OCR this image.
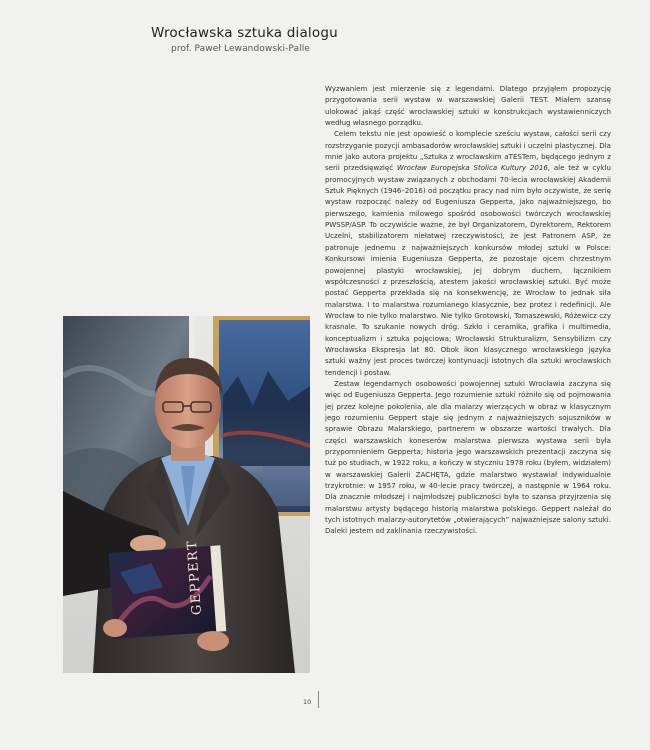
Wrocławska sztuka dialogu
prof. Paweł Lewandowski-Palle

Wyzwaniem jest mierzenie się z legendami. Dlatego przyjąłem propozycję przygotowania serii wystaw w warszawskiej Galerii TEST. Miałem szansę ulokować jakąś część wrocławskiej sztuki w konstrukcjach wystawienniczych według własnego porządku.

Celem tekstu nie jest opowieść o komplecie sześciu wystaw, całości serii czy rozstrzyganie pozycji ambasadorów wrocławskiej sztuki i uczelni plastycznej. Dla mnie jako autora projektu „Sztuka z wrocławskim aTESTem, będącego jednym z serii przedsięwzięć Wrocław Europejska Stolica Kultury 2016, ale też w cyklu promocyjnych wystaw związanych z obchodami 70-lecia wrocławskiej Akademii Sztuk Pięknych (1946–2016) od początku pracy nad nim było oczywiste, że serię wystaw rozpocząć należy od Eugeniusza Gepperta, jako najważniejszego, bo pierwszego, kamienia milowego spośród osobowości twórczych wrocławskiej PWSSP/ASP. To oczywiście ważne, że był Organizatorem, Dyrektorem, Rektorem Uczelni, stabilizatorem niełatwej rzeczywistości, że jest Patronem ASP, że patronuje jednemu z najważniejszych konkursów młodej sztuki w Polsce: Konkursowi imienia Eugeniusza Gepperta, że pozostaje ojcem chrzestnym powojennej plastyki wrocławskiej, jej dobrym duchem, łącznikiem współczesności z przeszłością, atestem jakości wrocławskiej sztuki. Być może postać Gepperta przekłada się na konsekwencję, że Wrocław to jednak siła malarstwa. I to malarstwa rozumianego klasycznie, bez protez i redefinicji. Ale Wrocław to nie tylko malarstwo. Nie tylko Grotowski, Tomaszewski, Różewicz czy krasnale. To szukanie nowych dróg. Szkło i ceramika, grafika i multimedia, konceptualizm i sztuka pojęciowa; Wrocławski Strukturalizm, Sensybilizm czy Wrocławska Ekspresja lat 80. Obok ikon klasycznego wrocławskiego języka sztuki ważny jest proces twórczej kontynuacji istotnych dla sztuki wrocławskich tendencji i postaw.

Zestaw legendarnych osobowości powojennej sztuki Wrocławia zaczyna się więc od Eugeniusza Gepperta. Jego rozumienie sztuki różniło się od pojmowania jej przez kolejne pokolenia, ale dla malarzy wierzących w obraz w klasycznym jego rozumieniu Geppert staje się jednym z najważniejszych sojuszników w sprawie Obrazu Malarskiego, partnerem w obszarze wartości trwałych. Dla części warszawskich koneserów malarstwa pierwsza wystawa serii była przypomnieniem Gepperta; historia jego warszawskich prezentacji zaczyna się tuż po studiach, w 1922 roku, a kończy w styczniu 1978 roku (byłem, widziałem) w warszawskiej Galerii ZACHĘTA, gdzie malarstwo wystawiał indywidualnie trzykrotnie: w 1957 roku, w 40-lecie pracy twórczej, a następnie w 1964 roku. Dla znacznie młodszej i najmłodszej publiczności była to szansa przyjrzenia się malarstwu artysty będącego historią malarstwa polskiego. Geppert należał do tych istotnych malarzy-autorytetów „otwierających” najważniejsze salony sztuki. Daleki jestem od zaklinania rzeczywistości.

GEPPERT
10
